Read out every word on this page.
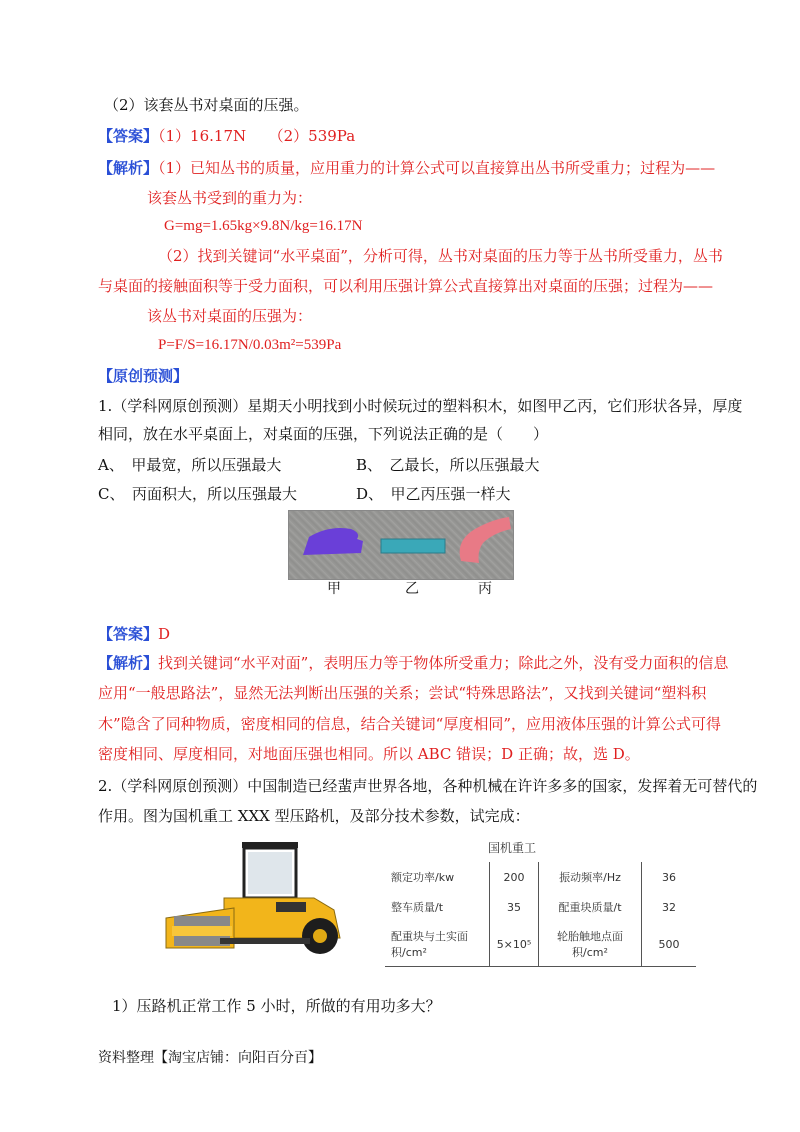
（2）该套丛书对桌面的压强。
【答案】（1）16.17N　　（2）539Pa
【解析】（1）已知丛书的质量，应用重力的计算公式可以直接算出丛书所受重力；过程为——
该套丛书受到的重力为：
G=mg=1.65kg×9.8N/kg=16.17N
（2）找到关键词“水平桌面”，分析可得，丛书对桌面的压力等于丛书所受重力，丛书
与桌面的接触面积等于受力面积，可以利用压强计算公式直接算出对桌面的压强；过程为——
该丛书对桌面的压强为：
P=F/S=16.17N/0.03m²=539Pa
【原创预测】
1.（学科网原创预测）星期天小明找到小时候玩过的塑料积木，如图甲乙丙，它们形状各异，厚度
相同，放在水平桌面上，对桌面的压强，下列说法正确的是（　　）
A、　甲最宽，所以压强最大	B、　乙最长，所以压强最大
C、　丙面积大，所以压强最大	D、　甲乙丙压强一样大
甲	乙	丙
【答案】D
【解析】找到关键词“水平对面”，表明压力等于物体所受重力；除此之外，没有受力面积的信息
应用“一般思路法”，显然无法判断出压强的关系；尝试“特殊思路法”，又找到关键词“塑料积
木”隐含了同种物质，密度相同的信息，结合关键词“厚度相同”，应用液体压强的计算公式可得
密度相同、厚度相同，对地面压强也相同。所以 ABC 错误；D 正确；故，选 D。
2.（学科网原创预测）中国制造已经蜚声世界各地，各种机械在许许多多的国家，发挥着无可替代的
作用。图为国机重工 XXX 型压路机，及部分技术参数，试完成：
国机重工
额定功率/kw	200	振动频率/Hz	36
整车质量/t	35	配重块质量/t	32
配重块与土实面积/cm²	5×10⁵	轮胎触地点面积/cm²	500
1）压路机正常工作 5 小时，所做的有用功多大？
资料整理【淘宝店铺：向阳百分百】
